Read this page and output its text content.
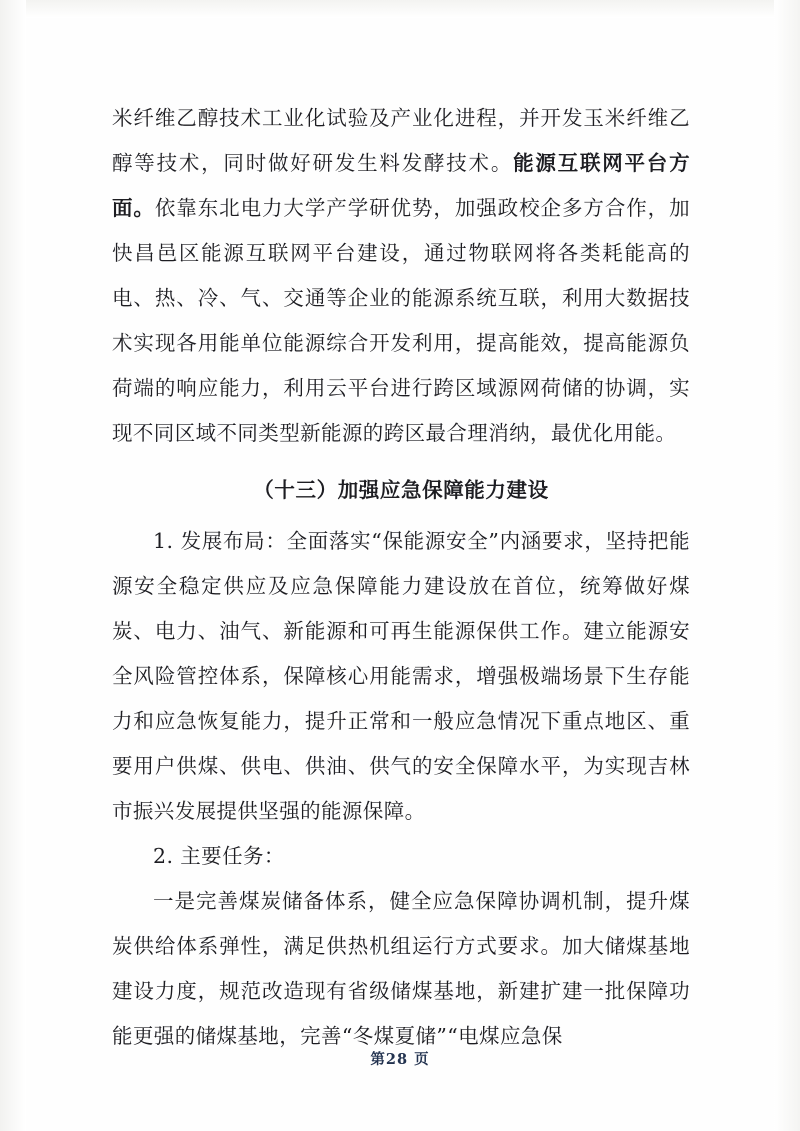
米纤维乙醇技术工业化试验及产业化进程，并开发玉米纤维乙醇等技术，同时做好研发生料发酵技术。能源互联网平台方面。依靠东北电力大学产学研优势，加强政校企多方合作，加快昌邑区能源互联网平台建设，通过物联网将各类耗能高的电、热、冷、气、交通等企业的能源系统互联，利用大数据技术实现各用能单位能源综合开发利用，提高能效，提高能源负荷端的响应能力，利用云平台进行跨区域源网荷储的协调，实现不同区域不同类型新能源的跨区最合理消纳，最优化用能。

（十三）加强应急保障能力建设

1. 发展布局：全面落实“保能源安全”内涵要求，坚持把能源安全稳定供应及应急保障能力建设放在首位，统筹做好煤炭、电力、油气、新能源和可再生能源保供工作。建立能源安全风险管控体系，保障核心用能需求，增强极端场景下生存能力和应急恢复能力，提升正常和一般应急情况下重点地区、重要用户供煤、供电、供油、供气的安全保障水平，为实现吉林市振兴发展提供坚强的能源保障。

2. 主要任务：

一是完善煤炭储备体系，健全应急保障协调机制，提升煤炭供给体系弹性，满足供热机组运行方式要求。加大储煤基地建设力度，规范改造现有省级储煤基地，新建扩建一批保障功能更强的储煤基地，完善“冬煤夏储”“电煤应急保

第28 页
